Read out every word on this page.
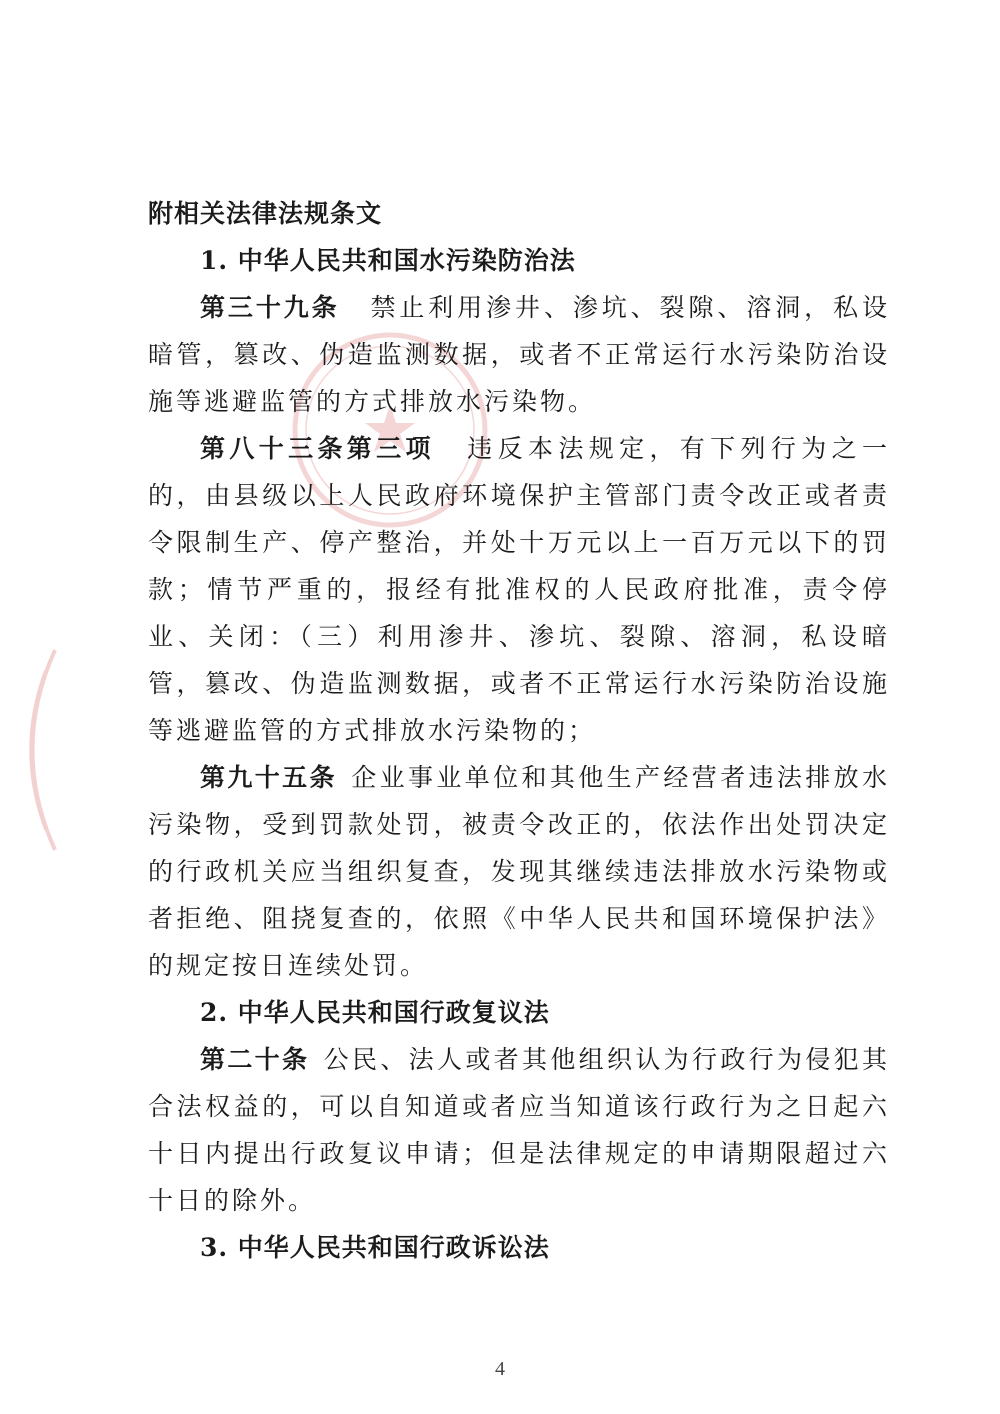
附相关法律法规条文
1. 中华人民共和国水污染防治法

第三十九条 禁止利用渗井、渗坑、裂隙、溶洞，私设暗管，篡改、伪造监测数据，或者不正常运行水污染防治设施等逃避监管的方式排放水污染物。

第八十三条第三项 违反本法规定，有下列行为之一的，由县级以上人民政府环境保护主管部门责令改正或者责令限制生产、停产整治，并处十万元以上一百万元以下的罚款；情节严重的，报经有批准权的人民政府批准，责令停业、关闭：（三）利用渗井、渗坑、裂隙、溶洞，私设暗管，篡改、伪造监测数据，或者不正常运行水污染防治设施等逃避监管的方式排放水污染物的；

第九十五条 企业事业单位和其他生产经营者违法排放水污染物，受到罚款处罚，被责令改正的，依法作出处罚决定的行政机关应当组织复查，发现其继续违法排放水污染物或者拒绝、阻挠复查的，依照《中华人民共和国环境保护法》的规定按日连续处罚。

2. 中华人民共和国行政复议法

第二十条 公民、法人或者其他组织认为行政行为侵犯其合法权益的，可以自知道或者应当知道该行政行为之日起六十日内提出行政复议申请；但是法律规定的申请期限超过六十日的除外。

3. 中华人民共和国行政诉讼法
4
